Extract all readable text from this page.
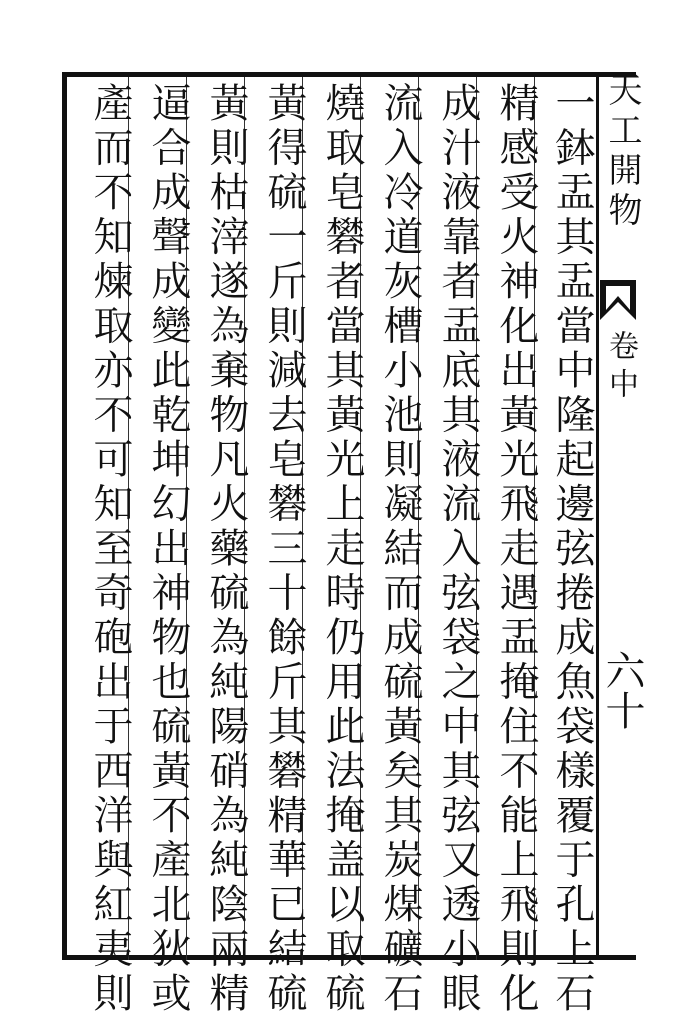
一鉢盂其盂當中隆起邊弦捲成魚袋樣覆于孔上石
精感受火神化出黃光飛走遇盂掩住不能上飛則化
成汁液靠者盂底其液流入弦袋之中其弦又透小眼
流入冷道灰槽小池則凝結而成硫黃矣其炭煤礦石
燒取皂礬者當其黃光上走時仍用此法掩盖以取硫
黃得硫一斤則減去皂礬三十餘斤其礬精華已結硫
黃則枯滓遂為棄物凡火藥硫為純陽硝為純陰兩精
逼合成聲成變此乾坤幻出神物也硫黃不產北狄或
產而不知煉取亦不可知至奇砲出于西洋與紅夷則	天工開物
卷中
六十
